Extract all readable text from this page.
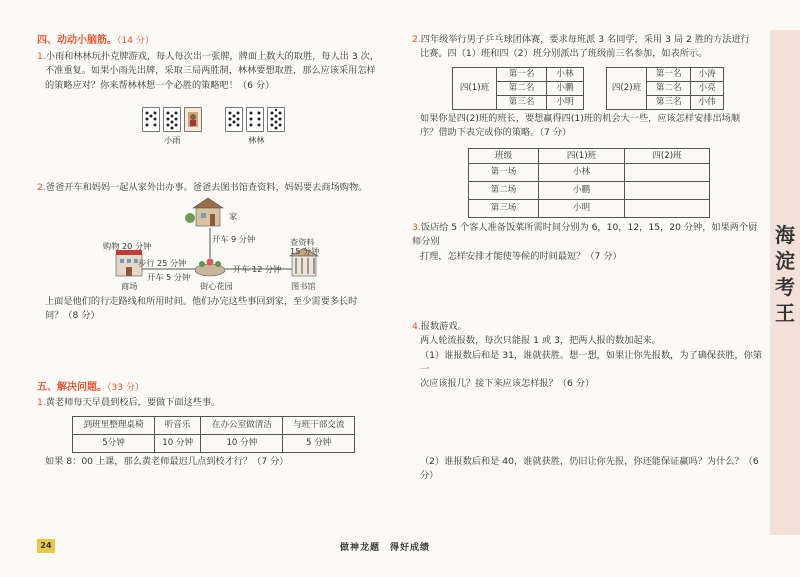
四、动动小脑筋。（14 分）
1.小雨和林林玩扑克牌游戏，每人每次出一张牌，牌面上数大的取胜，每人出 3 次，
不准重复。如果小雨先出牌，采取三局两胜制，林林要想取胜，那么应该采用怎样
的策略应对？你来帮林林想一个必胜的策略吧！（6 分）
小雨	林林
2.爸爸开车和妈妈一起从家外出办事。爸爸去图书馆查资料，妈妈要去商场购物。
家
开车 9 分钟
购物 20 分钟
步行 25 分钟
开车 5 分钟
开车 12 分钟
查资料
15 分钟
商场	街心花园	图书馆
上面是他们的行走路线和所用时间。他们办完这些事回到家，至少需要多长时
间？（8 分）
五、解决问题。（33 分）
1.黄老师每天早晨到校后，要做下面这些事。
到班里整理桌椅	听音乐	在办公室做清洁	与班干部交流
5分钟	10 分钟	10 分钟	5 分钟
如果 8：00 上课，那么黄老师最迟几点到校才行？（7 分）
2.四年级举行男子乒乓球团体赛，要求每班派 3 名同学，采用 3 局 2 胜的方法进行
比赛。四（1）班和四（2）班分别派出了班级前三名参加，如表所示。
四(1)班	第一名	小林
	第二名	小鹏
	第三名	小明
四(2)班	第一名	小涛
	第二名	小亮
	第三名	小伟
如果你是四(2)班的班长，要想赢得四(1)班的机会大一些，应该怎样安排出场顺
序？借助下表完成你的策略。（7 分）
班级	四(1)班	四(2)班
第一场	小林	
第二场	小鹏	
第三场	小明	
3.饭店给 5 个客人准备饭菜所需时间分别为 6，10，12，15，20 分钟，如果两个厨师分别
打理，怎样安排才能使等候的时间最短？（7 分）
4.报数游戏。
两人轮流报数，每次只能报 1 或 3，把两人报的数加起来。
（1）谁报数后和是 31，谁就获胜。想一想，如果让你先报数，为了确保获胜，你第一
次应该报几？接下来应该怎样报？（6 分）
（2）谁报数后和是 40，谁就获胜，仍旧让你先报，你还能保证赢吗？为什么？（6 分）
海
淀
考
王
24	做神龙题　得好成绩
